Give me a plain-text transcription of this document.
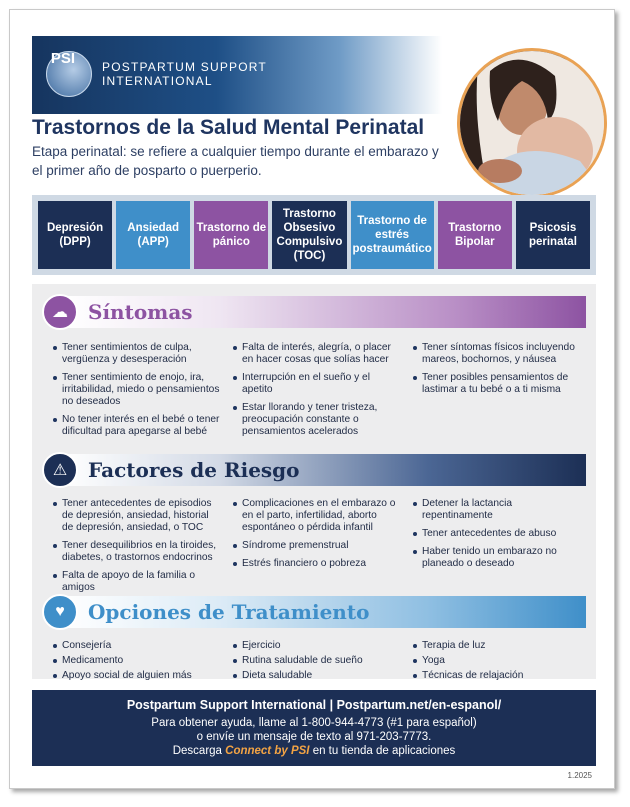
PSI	POSTPARTUM SUPPORT
INTERNATIONAL
Trastornos de la Salud Mental Perinatal
Etapa perinatal: se refiere a cualquier tiempo durante el embarazo y el primer año de posparto o puerperio.
Depresión (DPP)
Ansiedad (APP)
Trastorno de pánico
Trastorno Obsesivo Compulsivo (TOC)
Trastorno de estrés postraumático
Trastorno Bipolar
Psicosis perinatal
☁	Síntomas
Tener sentimientos de culpa, vergüenza y desesperación
Tener sentimiento de enojo, ira, irritabilidad, miedo o pensamientos no deseados
No tener interés en el bebé o tener dificultad para apegarse al bebé
Falta de interés, alegría, o placer en hacer cosas que solías hacer
Interrupción en el sueño y el apetito
Estar llorando y tener tristeza, preocupación constante o pensamientos acelerados
Tener síntomas físicos incluyendo mareos, bochornos, y náusea
Tener posibles pensamientos de lastimar a tu bebé o a ti misma
⚠	Factores de Riesgo
Tener antecedentes de episodios de depresión, ansiedad, historial de depresión, ansiedad, o TOC
Tener desequilibrios en la tiroides, diabetes, o trastornos endocrinos
Falta de apoyo de la familia o amigos
Complicaciones en el embarazo o en el parto, infertilidad, aborto espontáneo o pérdida infantil
Síndrome premenstrual
Estrés financiero o pobreza
Detener la lactancia repentinamente
Tener antecedentes de abuso
Haber tenido un embarazo no planeado o deseado
♥	Opciones de Tratamiento
Consejería
Medicamento
Apoyo social de alguien más
Ejercicio
Rutina saludable de sueño
Dieta saludable
Terapia de luz
Yoga
Técnicas de relajación
Postpartum Support International | Postpartum.net/en-espanol/
Para obtener ayuda, llame al 1-800-944-4773 (#1 para español)
o envíe un mensaje de texto al 971-203-7773.
Descarga Connect by PSI en tu tienda de aplicaciones
1.2025
